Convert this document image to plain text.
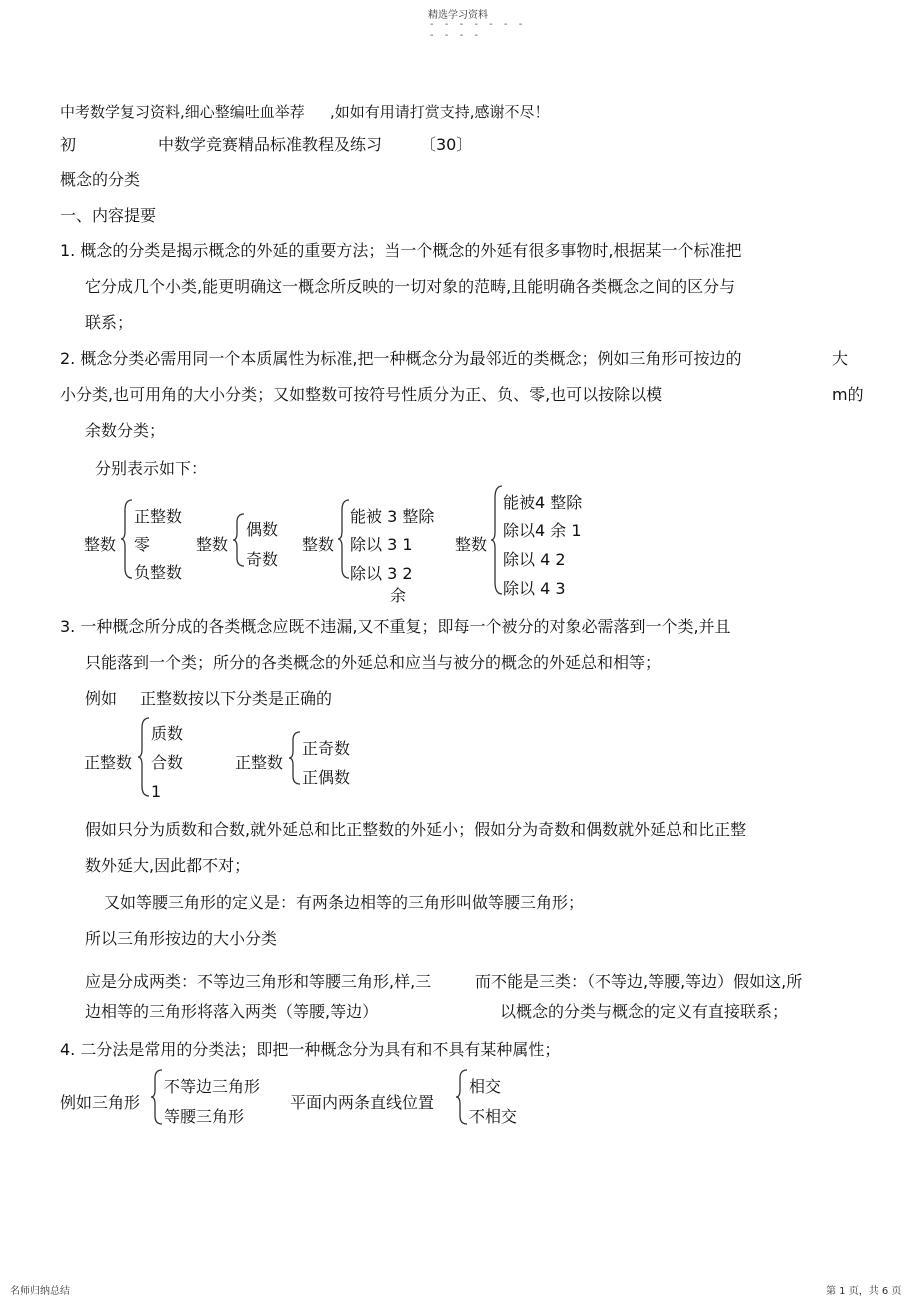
精选学习资料
- - - - - - -
- - - -
中考数学复习资料,细心整编吐血举荐 ,如如有用请打赏支持,感谢不尽！
初	中数学竞赛精品标准教程及练习 〔30〕
概念的分类
一、内容提要
1. 概念的分类是揭示概念的外延的重要方法；当一个概念的外延有很多事物时,根据某一个标准把
它分成几个小类,能更明确这一概念所反映的一切对象的范畴,且能明确各类概念之间的区分与
联系；
2. 概念分类必需用同一个本质属性为标准,把一种概念分为最邻近的类概念；例如三角形可按边的	大
小分类,也可用角的大小分类；又如整数可按符号性质分为正、负、零,也可以按除以模	m的
余数分类；
分别表示如下：
整数
正整数
零
负整数
整数
偶数
奇数
整数
能被 3 整除
除以 3 1
除以 3 2
余
整数
能被4 整除
除以4 余 1
除以 4 2
除以 4 3
3. 一种概念所分成的各类概念应既不违漏,又不重复；即每一个被分的对象必需落到一个类,并且
只能落到一个类；所分的各类概念的外延总和应当与被分的概念的外延总和相等；
例如 正整数按以下分类是正确的
正整数
质数
合数
1
正整数
正奇数
正偶数
假如只分为质数和合数,就外延总和比正整数的外延小；假如分为奇数和偶数就外延总和比正整
数外延大,因此都不对；
又如等腰三角形的定义是：有两条边相等的三角形叫做等腰三角形；
所以三角形按边的大小分类
应是分成两类：不等边三角形和等腰三角形,样,三	而不能是三类：（不等边,等腰,等边）假如这,所
边相等的三角形将落入两类（等腰,等边）	以概念的分类与概念的定义有直接联系；
4. 二分法是常用的分类法；即把一种概念分为具有和不具有某种属性；
例如三角形
不等边三角形
等腰三角形
平面内两条直线位置
相交
不相交
名师归纳总结	第 1 页，共 6 页
